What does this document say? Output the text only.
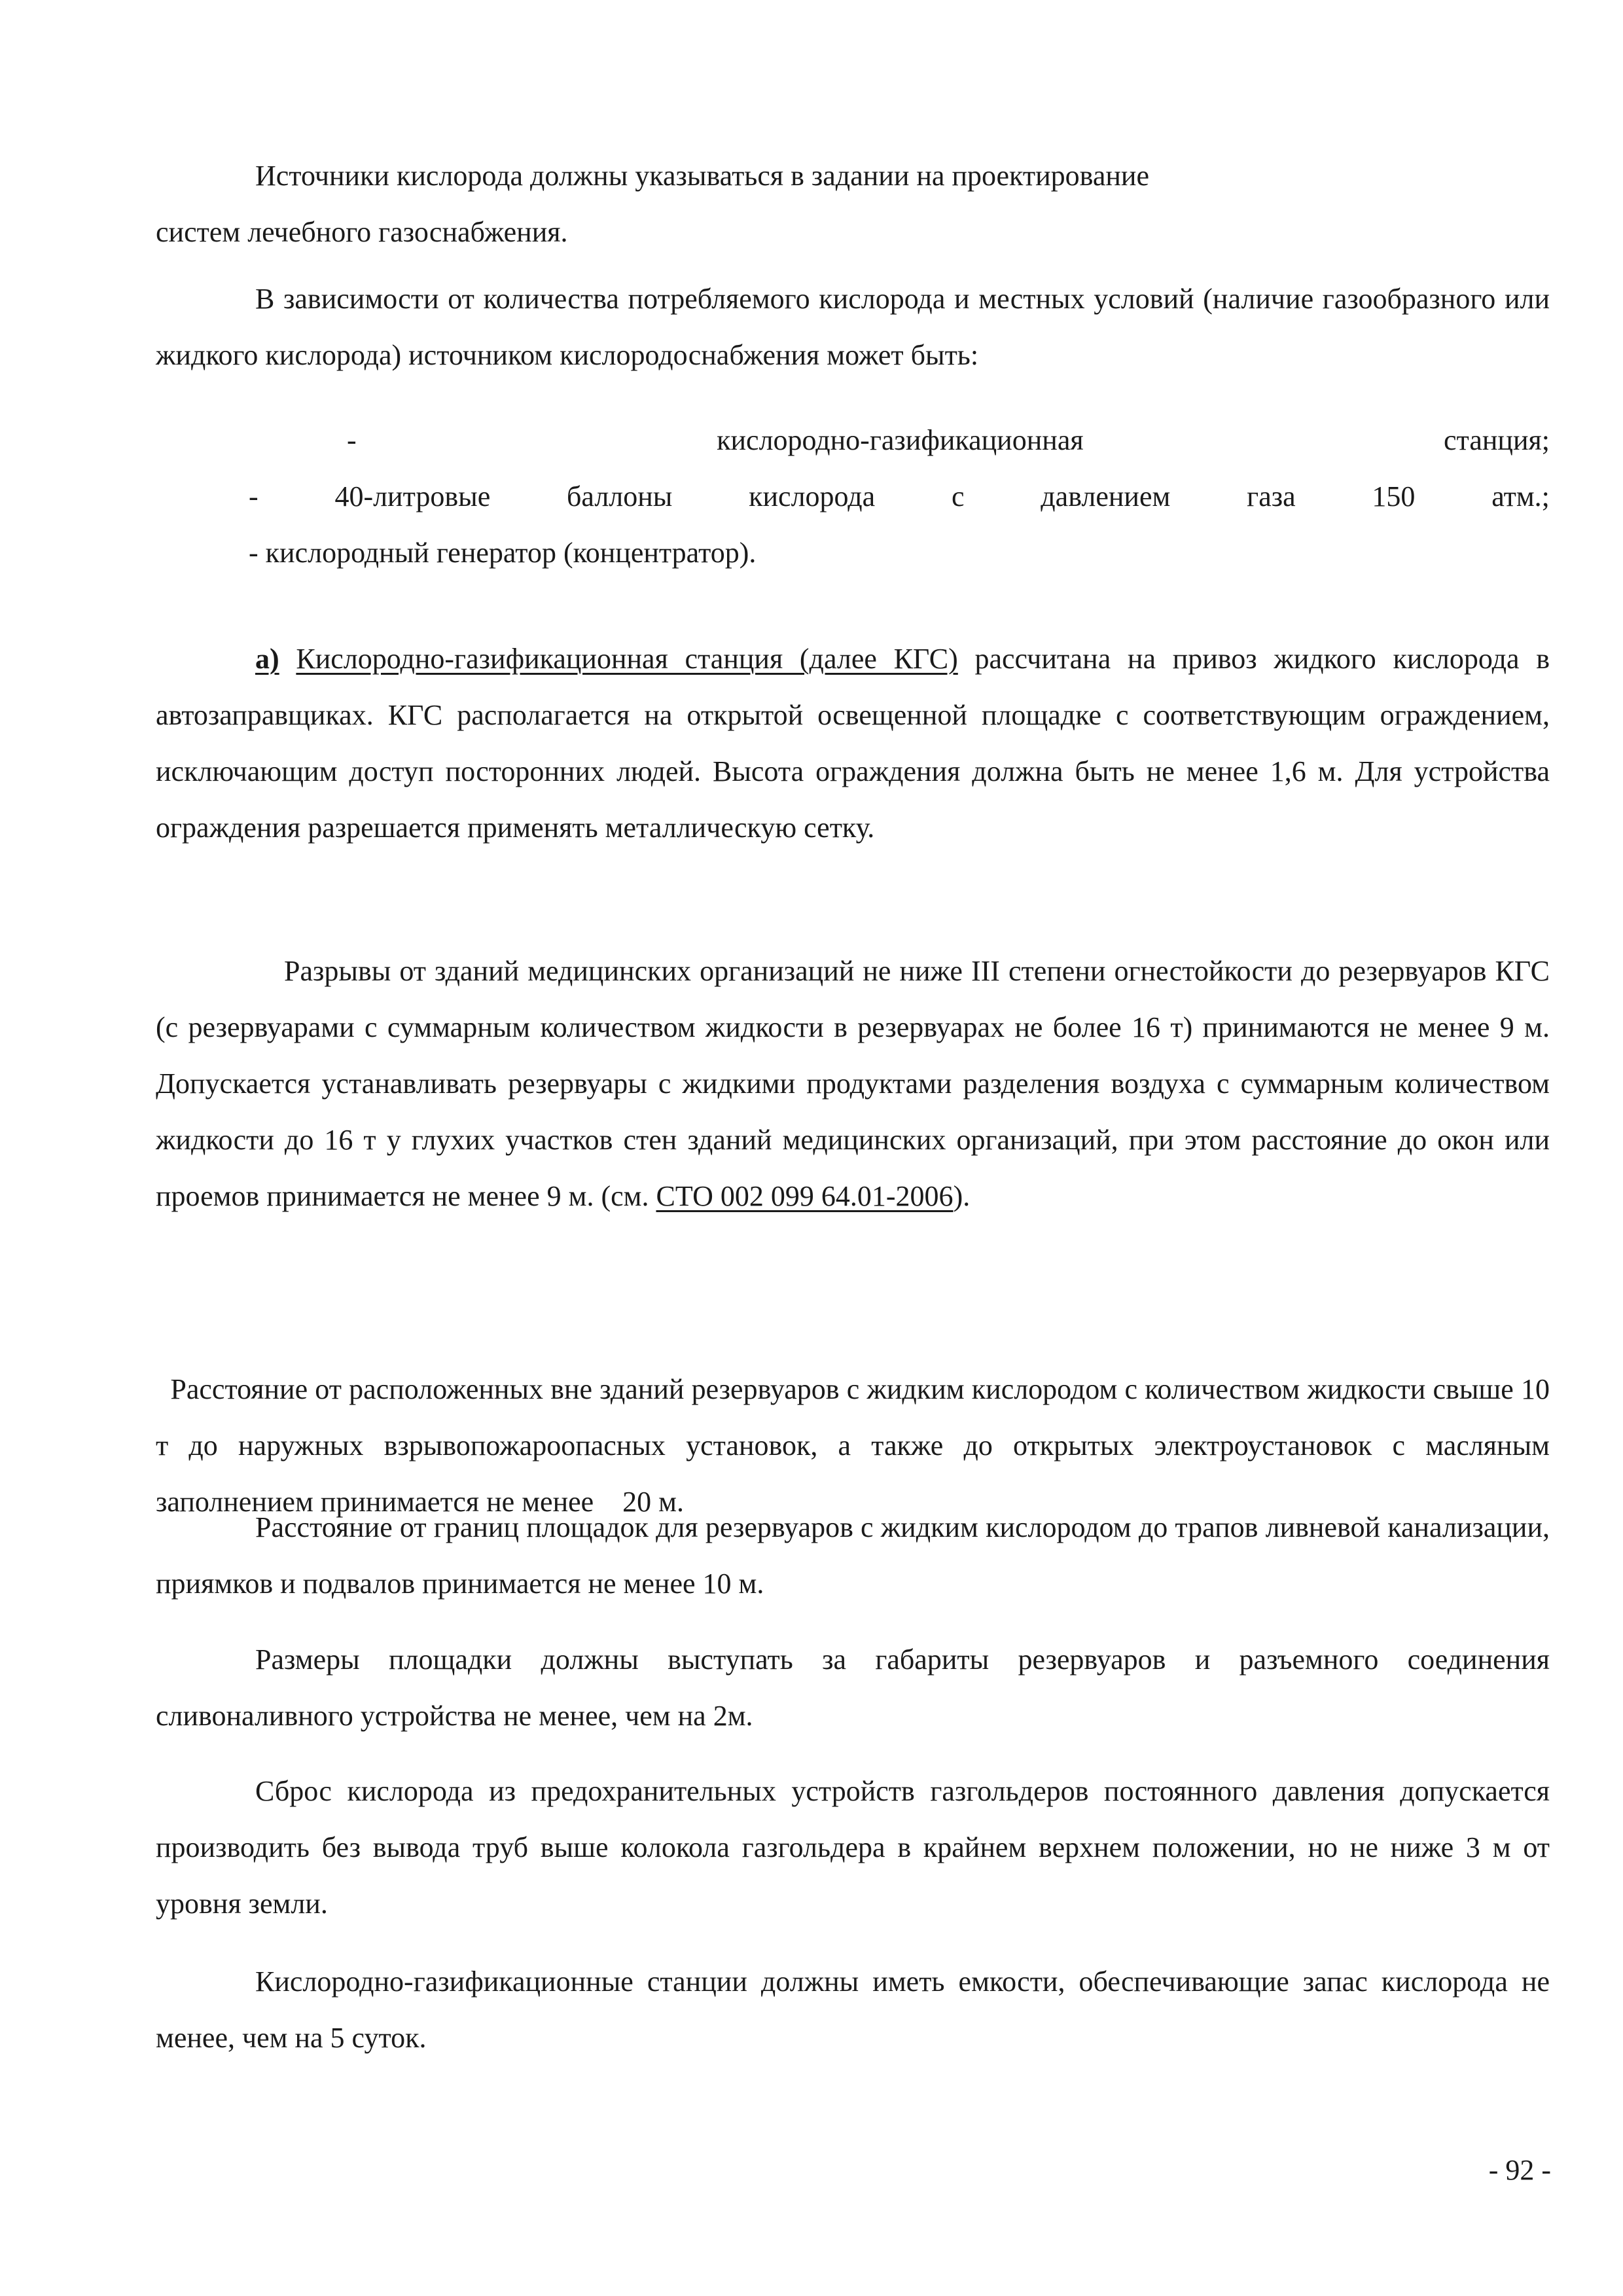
Источники кислорода должны указываться в задании на проектирование
систем лечебного газоснабжения.

В зависимости от количества потребляемого кислорода и местных условий (наличие газообразного или жидкого кислорода) источником кислородоснабжения может быть:

-	кислородно-газификационная	станция;
-	40-литровые	баллоны	кислорода	с	давлением	газа	150	атм.;
- кислородный генератор (концентратор).

а) Кислородно-газификационная станция (далее КГС) рассчитана на привоз жидкого кислорода в автозаправщиках. КГС располагается на открытой освещенной площадке с соответствующим ограждением, исключающим доступ посторонних людей. Высота ограждения должна быть не менее 1,6 м. Для устройства ограждения разрешается применять металлическую сетку.

Разрывы от зданий медицинских организаций не ниже III степени огнестойкости до резервуаров КГС (с резервуарами с суммарным количеством жидкости в резервуарах не более 16 т) принимаются не менее 9 м. Допускается устанавливать резервуары с жидкими продуктами разделения воздуха с суммарным количеством жидкости до 16 т у глухих участков стен зданий медицинских организаций, при этом расстояние до окон или проемов принимается не менее 9 м. (см. СТО 002 099 64.01-2006).

Расстояние от расположенных вне зданий резервуаров с жидким кислородом с количеством жидкости свыше 10 т до наружных взрывопожароопасных установок, а также до открытых электроустановок с масляным заполнением принимается не менее    20 м.

Расстояние от границ площадок для резервуаров с жидким кислородом до трапов ливневой канализации, приямков и подвалов принимается не менее 10 м.

Размеры площадки должны выступать за габариты резервуаров и разъемного соединения сливоналивного устройства не менее, чем на 2м.

Сброс кислорода из предохранительных устройств газгольдеров постоянного давления допускается производить без вывода труб выше колокола газгольдера в крайнем верхнем положении, но не ниже 3 м от уровня земли.

Кислородно-газификационные станции должны иметь емкости, обеспечивающие запас кислорода не менее, чем на 5 суток.

- 92 -
